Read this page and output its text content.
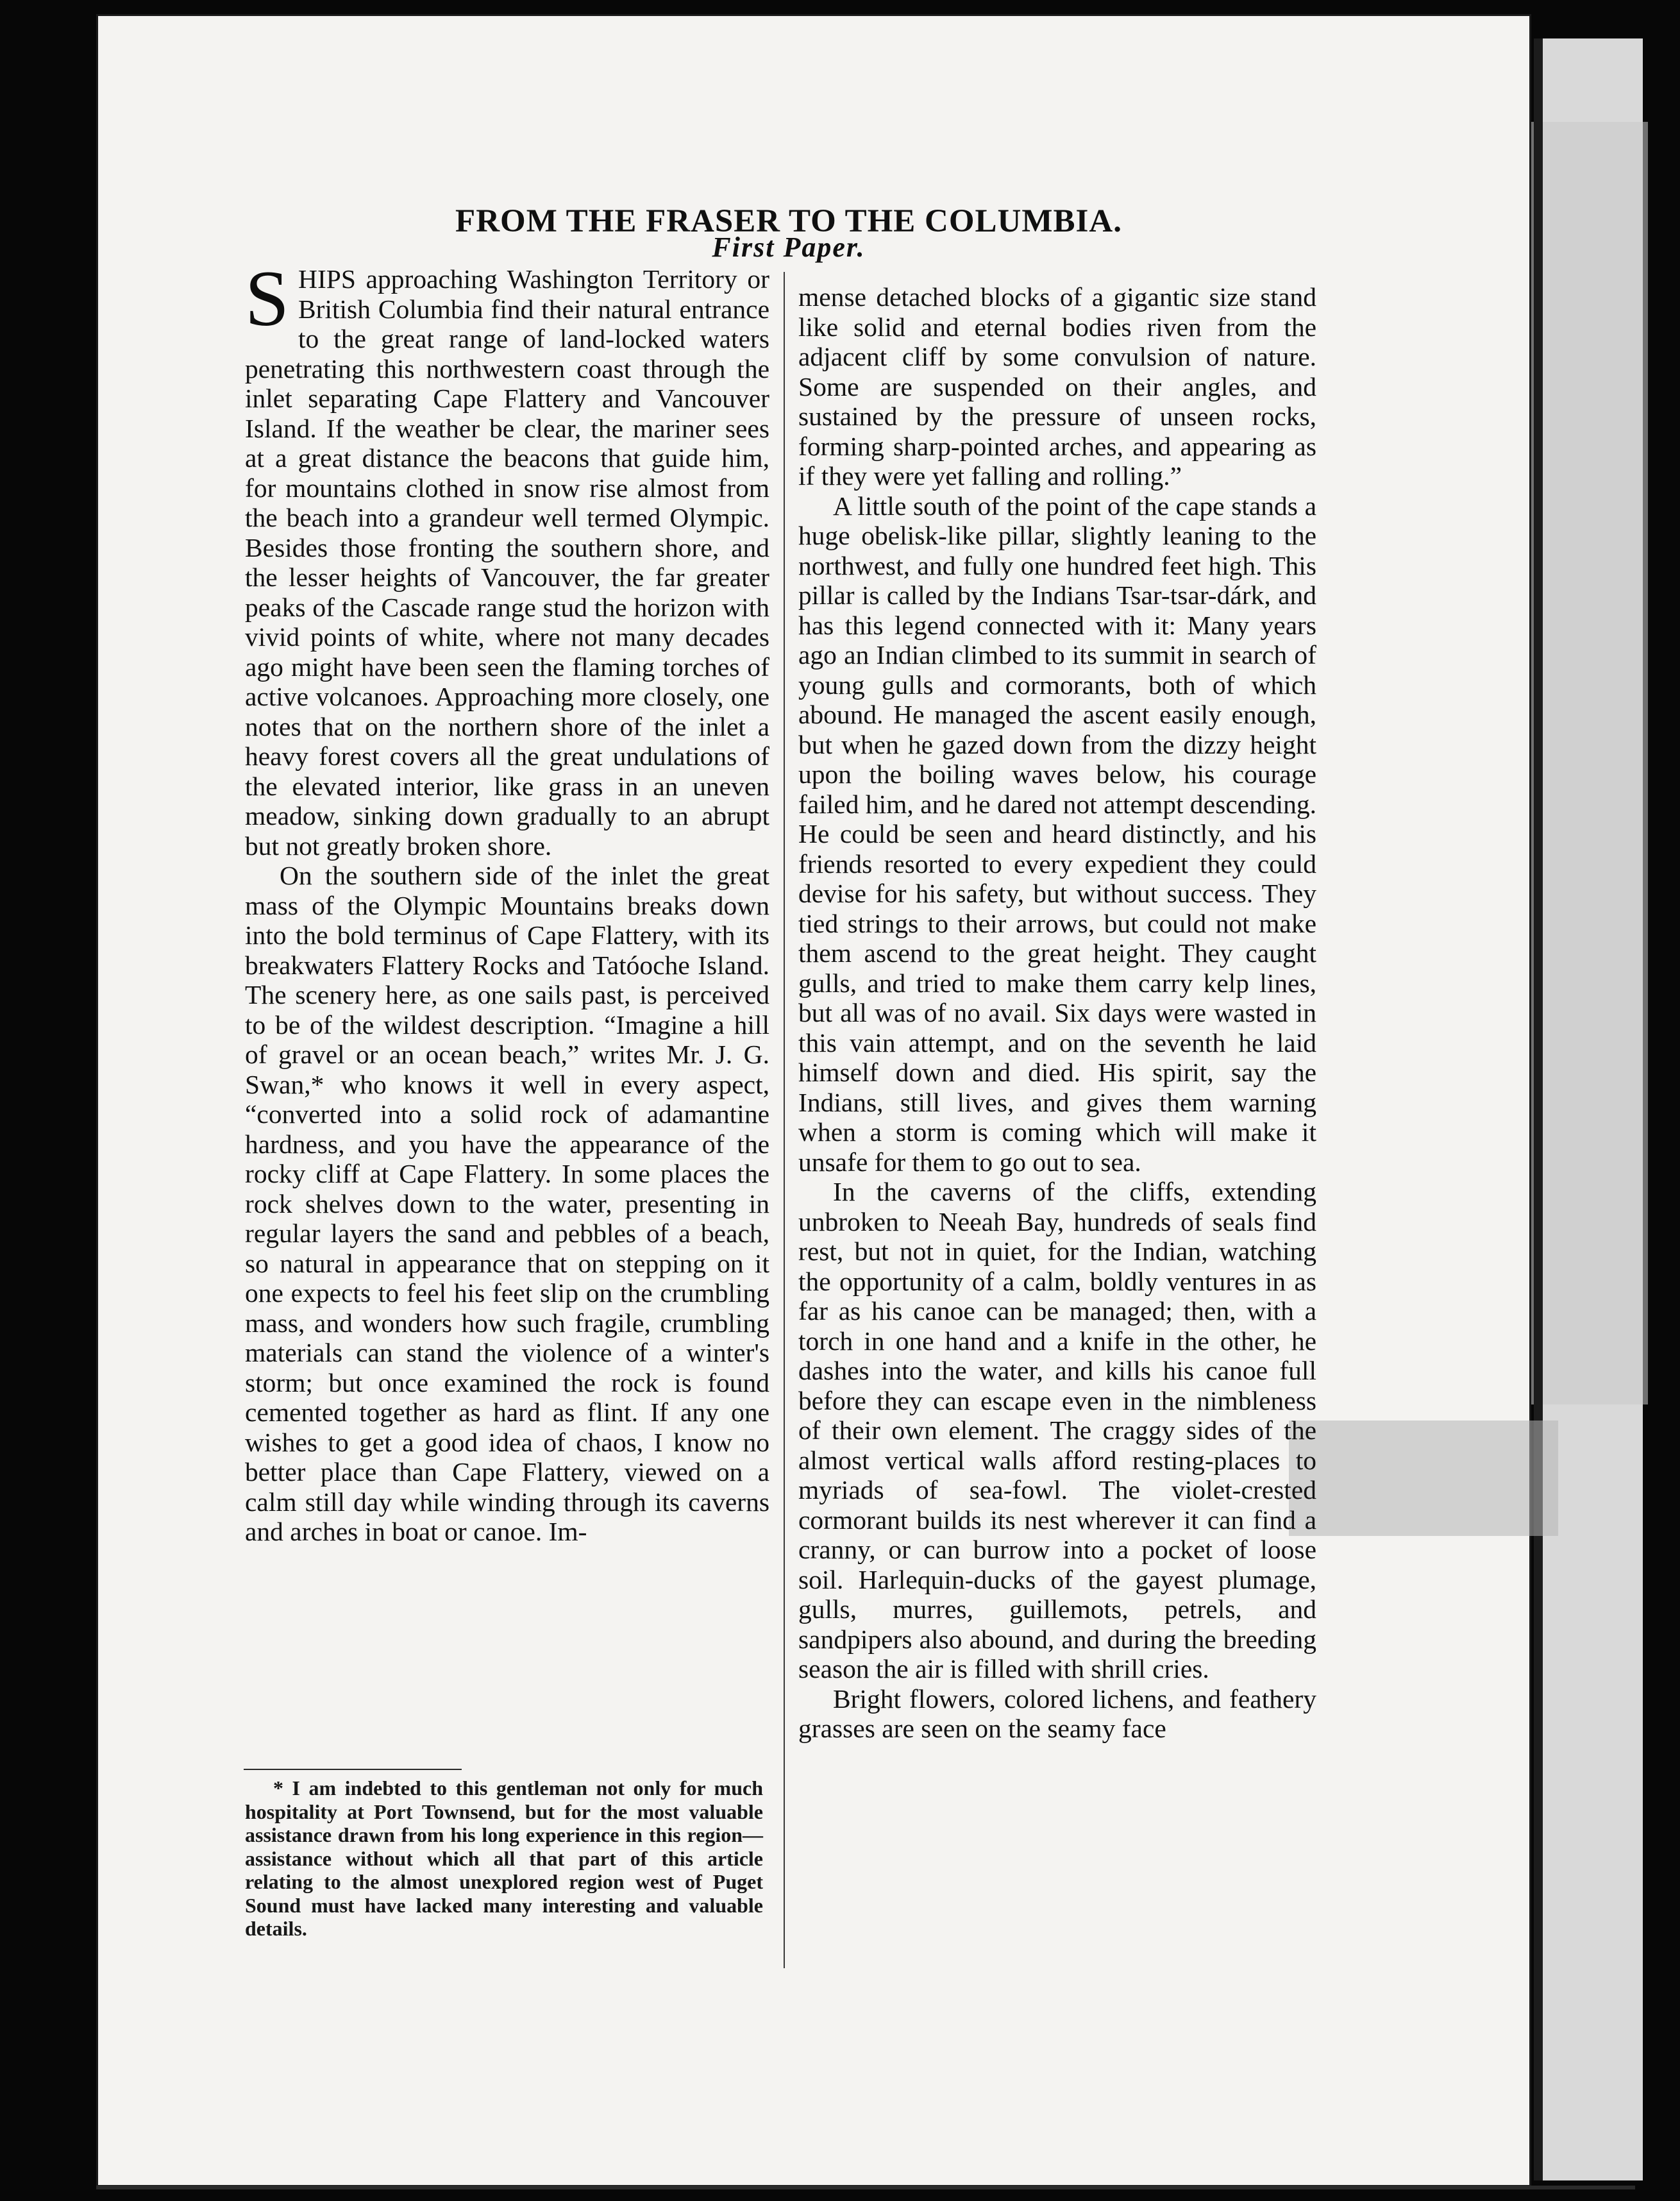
FROM THE FRASER TO THE COLUMBIA.
First Paper.

SHIPS approaching Washington Territory or British Columbia find their natural entrance to the great range of land-locked waters penetrating this northwestern coast through the inlet separating Cape Flattery and Vancouver Island. If the weather be clear, the mariner sees at a great distance the beacons that guide him, for mountains clothed in snow rise almost from the beach into a grandeur well termed Olympic. Besides those fronting the southern shore, and the lesser heights of Vancouver, the far greater peaks of the Cascade range stud the horizon with vivid points of white, where not many decades ago might have been seen the flaming torches of active volcanoes. Approaching more closely, one notes that on the northern shore of the inlet a heavy forest covers all the great undulations of the elevated interior, like grass in an uneven meadow, sinking down gradually to an abrupt but not greatly broken shore.

On the southern side of the inlet the great mass of the Olympic Mountains breaks down into the bold terminus of Cape Flattery, with its breakwaters Flattery Rocks and Tatóoche Island. The scenery here, as one sails past, is perceived to be of the wildest description. “Imagine a hill of gravel or an ocean beach,” writes Mr. J. G. Swan,* who knows it well in every aspect, “converted into a solid rock of adamantine hardness, and you have the appearance of the rocky cliff at Cape Flattery. In some places the rock shelves down to the water, presenting in regular layers the sand and pebbles of a beach, so natural in appearance that on stepping on it one expects to feel his feet slip on the crumbling mass, and wonders how such fragile, crumbling materials can stand the violence of a winter's storm; but once examined the rock is found cemented together as hard as flint. If any one wishes to get a good idea of chaos, I know no better place than Cape Flattery, viewed on a calm still day while winding through its caverns and arches in boat or canoe. Im-

* I am indebted to this gentleman not only for much hospitality at Port Townsend, but for the most valuable assistance drawn from his long experience in this region—assistance without which all that part of this article relating to the almost unexplored region west of Puget Sound must have lacked many interesting and valuable details.

mense detached blocks of a gigantic size stand like solid and eternal bodies riven from the adjacent cliff by some convulsion of nature. Some are suspended on their angles, and sustained by the pressure of unseen rocks, forming sharp-pointed arches, and appearing as if they were yet falling and rolling.”

A little south of the point of the cape stands a huge obelisk-like pillar, slightly leaning to the northwest, and fully one hundred feet high. This pillar is called by the Indians Tsar-tsar-dárk, and has this legend connected with it: Many years ago an Indian climbed to its summit in search of young gulls and cormorants, both of which abound. He managed the ascent easily enough, but when he gazed down from the dizzy height upon the boiling waves below, his courage failed him, and he dared not attempt descending. He could be seen and heard distinctly, and his friends resorted to every expedient they could devise for his safety, but without success. They tied strings to their arrows, but could not make them ascend to the great height. They caught gulls, and tried to make them carry kelp lines, but all was of no avail. Six days were wasted in this vain attempt, and on the seventh he laid himself down and died. His spirit, say the Indians, still lives, and gives them warning when a storm is coming which will make it unsafe for them to go out to sea.

In the caverns of the cliffs, extending unbroken to Neeah Bay, hundreds of seals find rest, but not in quiet, for the Indian, watching the opportunity of a calm, boldly ventures in as far as his canoe can be managed; then, with a torch in one hand and a knife in the other, he dashes into the water, and kills his canoe full before they can escape even in the nimbleness of their own element. The craggy sides of the almost vertical walls afford resting-places to myriads of sea-fowl. The violet-crested cormorant builds its nest wherever it can find a cranny, or can burrow into a pocket of loose soil. Harlequin-ducks of the gayest plumage, gulls, murres, guillemots, petrels, and sandpipers also abound, and during the breeding season the air is filled with shrill cries.

Bright flowers, colored lichens, and feathery grasses are seen on the seamy face
